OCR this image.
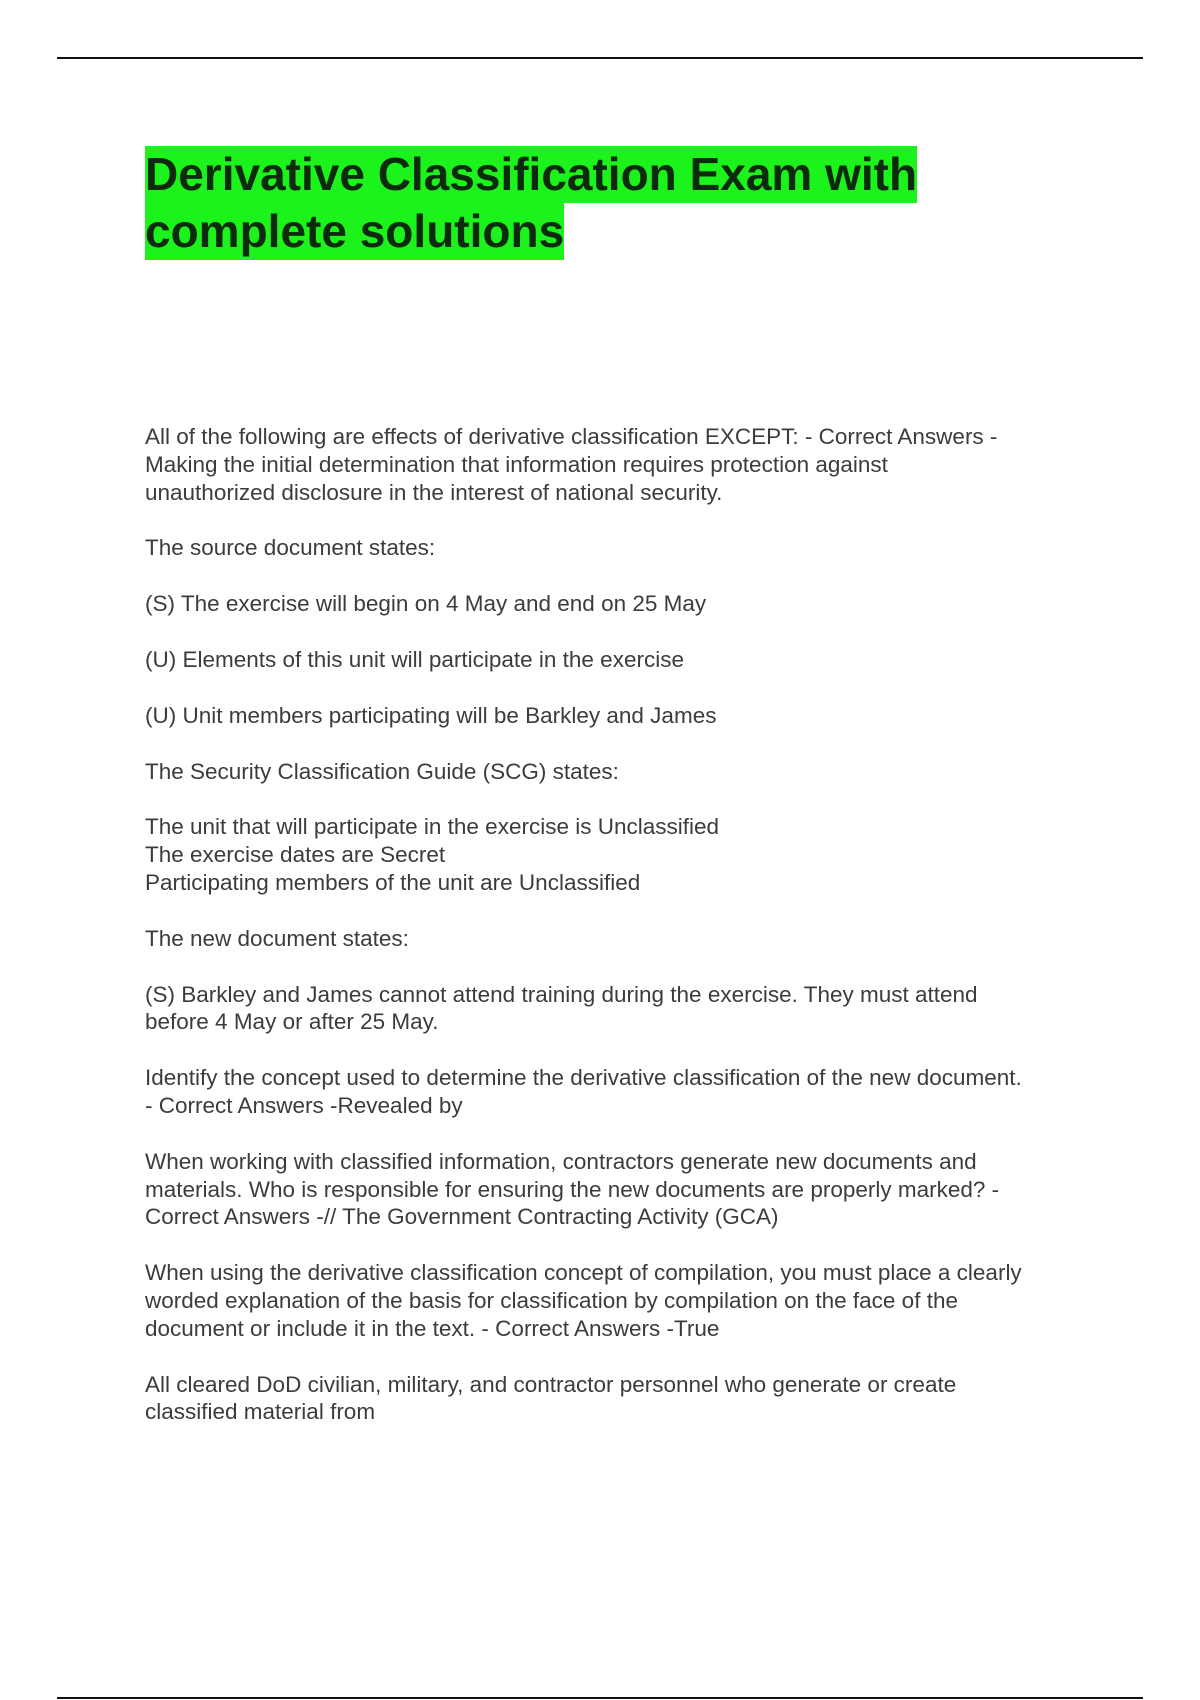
Derivative Classification Exam with
complete solutions

All of the following are effects of derivative classification EXCEPT: - Correct Answers -
Making the initial determination that information requires protection against
unauthorized disclosure in the interest of national security.

The source document states:

(S) The exercise will begin on 4 May and end on 25 May

(U) Elements of this unit will participate in the exercise

(U) Unit members participating will be Barkley and James

The Security Classification Guide (SCG) states:

The unit that will participate in the exercise is Unclassified
The exercise dates are Secret
Participating members of the unit are Unclassified

The new document states:

(S) Barkley and James cannot attend training during the exercise. They must attend
before 4 May or after 25 May.

Identify the concept used to determine the derivative classification of the new document.
- Correct Answers -Revealed by

When working with classified information, contractors generate new documents and
materials. Who is responsible for ensuring the new documents are properly marked? -
Correct Answers -// The Government Contracting Activity (GCA)

When using the derivative classification concept of compilation, you must place a clearly
worded explanation of the basis for classification by compilation on the face of the
document or include it in the text. - Correct Answers -True

All cleared DoD civilian, military, and contractor personnel who generate or create
classified material from
